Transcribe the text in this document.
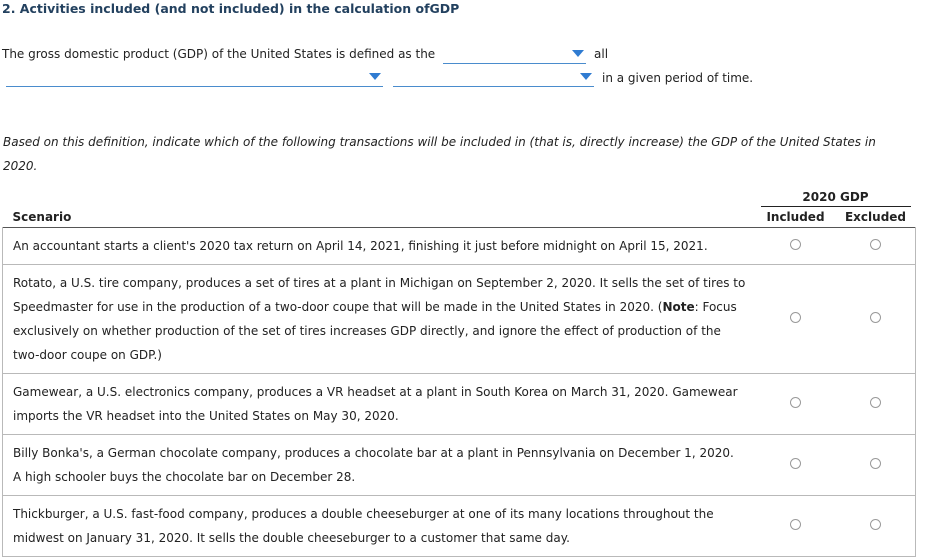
2. Activities included (and not included) in the calculation ofGDP
The gross domestic product (GDP) of the United States is defined as the	all
in a given period of time.
Based on this definition, indicate which of the following transactions will be included in (that is, directly increase) the GDP of the United States in 2020.
	2020 GDP	
Scenario	Included	Excluded
An accountant starts a client's 2020 tax return on April 14, 2021, finishing it just before midnight on April 15, 2021.		
Rotato, a U.S. tire company, produces a set of tires at a plant in Michigan on September 2, 2020. It sells the set of tires to Speedmaster for use in the production of a two-door coupe that will be made in the United States in 2020. (Note: Focus exclusively on whether production of the set of tires increases GDP directly, and ignore the effect of production of the two-door coupe on GDP.)		
Gamewear, a U.S. electronics company, produces a VR headset at a plant in South Korea on March 31, 2020. Gamewear imports the VR headset into the United States on May 30, 2020.		
Billy Bonka's, a German chocolate company, produces a chocolate bar at a plant in Pennsylvania on December 1, 2020. A high schooler buys the chocolate bar on December 28.		
Thickburger, a U.S. fast-food company, produces a double cheeseburger at one of its many locations throughout the midwest on January 31, 2020. It sells the double cheeseburger to a customer that same day.		
